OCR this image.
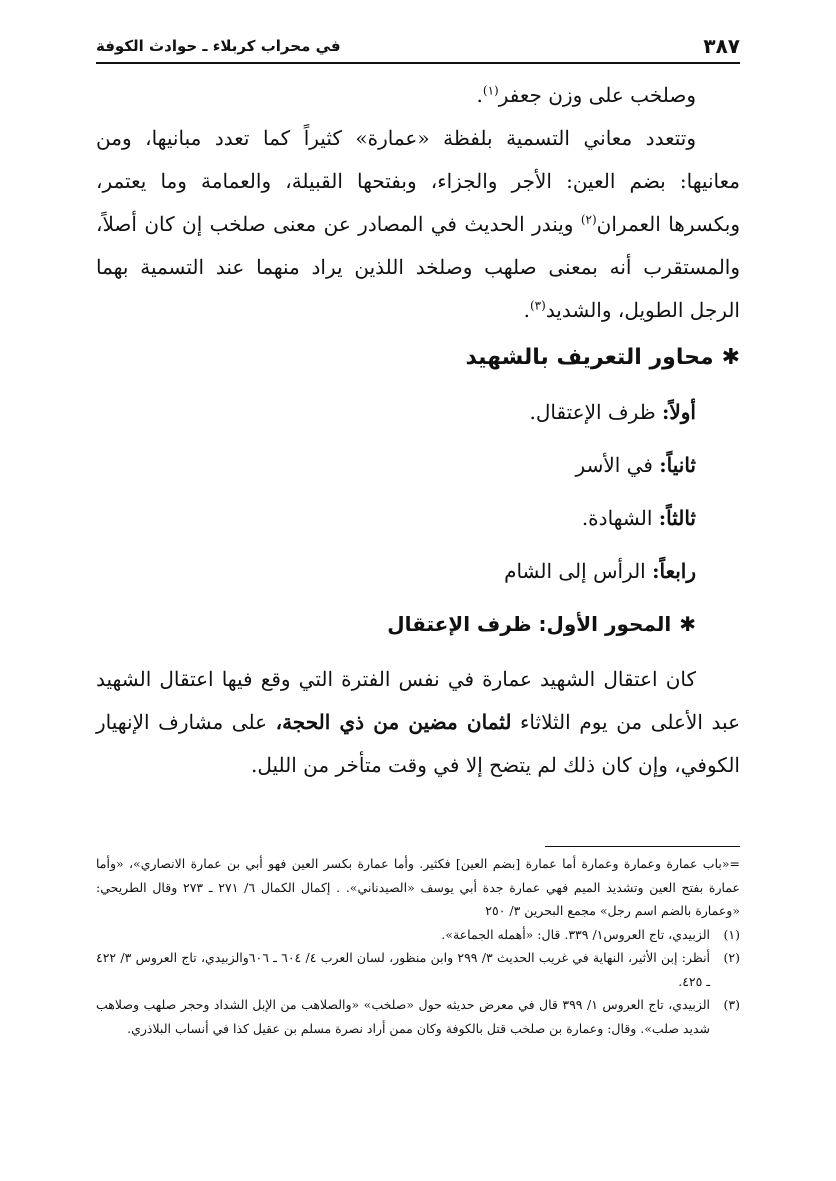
في محراب كربلاء ـ حوادث الكوفة	٣٨٧

وصلخب على وزن جعفر$^{(١)}$.

وتتعدد معاني التسمية بلفظة «عمارة» كثيراً كما تعدد مبانيها، ومن معانيها: بضم العين: الأجر والجزاء، وبفتحها القبيلة، والعمامة وما يعتمر، وبكسرها العمران$^{(٢)}$ ويندر الحديث في المصادر عن معنى صلخب إن كان أصلاً، والمستقرب أنه بمعنى صلهب وصلخد اللذين يراد منهما عند التسمية بهما الرجل الطويل، والشديد$^{(٣)}$.

✱محاور التعريف بالشهيد
أولاً: ظرف الإعتقال.
ثانياً: في الأسر
ثالثاً: الشهادة.
رابعاً: الرأس إلى الشام
✱المحور الأول: ظرف الإعتقال

كان اعتقال الشهيد عمارة في نفس الفترة التي وقع فيها اعتقال الشهيد عبد الأعلى من يوم الثلاثاء لثمان مضين من ذي الحجة، على مشارف الإنهيار الكوفي، وإن كان ذلك لم يتضح إلا في وقت متأخر من الليل.

=«باب عمارة وعمارة وعمارة أما عمارة [بضم العين] فكثير. وأما عمارة بكسر العين فهو أبي بن عمارة الانصاري»، «وأما عمارة بفتح العين وتشديد الميم فهي عمارة جدة أبي يوسف «الصيدناني». . إكمال الكمال ٦/ ٢٧١ ـ ٢٧٣ وقال الطريحي: «وعمارة بالضم اسم رجل» مجمع البحرين ٣/ ٢٥٠

(١)
الزبيدي، تاج العروس١/ ٣٣٩. قال: «أهمله الجماعة».
(٢)
أنظر: إبن الأثير، النهاية في غريب الحديث ٣/ ٢٩٩ وابن منظور، لسان العرب ٤/ ٦٠٤ ـ ٦٠٦والزبيدي، تاج العروس ٣/ ٤٢٢ ـ ٤٢٥.
(٣)
الزبيدي، تاج العروس ١/ ٣٩٩ قال في معرض حديثه حول «صلخب» «والصلاهب من الإبل الشداد وحجر صلهب وصلاهب شديد صلب». وقال: وعمارة بن صلخب قتل بالكوفة وكان ممن أراد نصرة مسلم بن عقيل كذا في أنساب البلاذري.
